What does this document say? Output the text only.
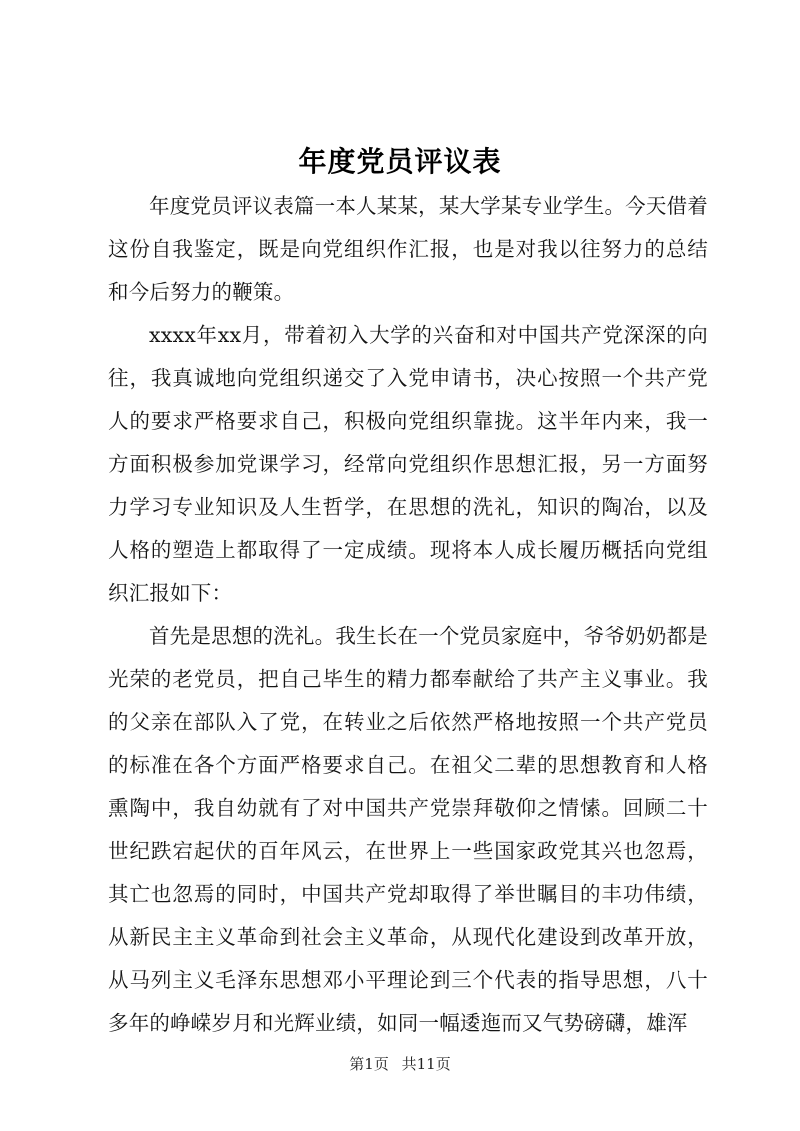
年度党员评议表

年度党员评议表篇一本人某某，某大学某专业学生。今天借着这份自我鉴定，既是向党组织作汇报，也是对我以往努力的总结和今后努力的鞭策。

xxxx年xx月，带着初入大学的兴奋和对中国共产党深深的向往，我真诚地向党组织递交了入党申请书，决心按照一个共产党人的要求严格要求自己，积极向党组织靠拢。这半年内来，我一方面积极参加党课学习，经常向党组织作思想汇报，另一方面努力学习专业知识及人生哲学，在思想的洗礼，知识的陶冶，以及人格的塑造上都取得了一定成绩。现将本人成长履历概括向党组织汇报如下：

首先是思想的洗礼。我生长在一个党员家庭中，爷爷奶奶都是光荣的老党员，把自己毕生的精力都奉献给了共产主义事业。我的父亲在部队入了党，在转业之后依然严格地按照一个共产党员的标准在各个方面严格要求自己。在祖父二辈的思想教育和人格熏陶中，我自幼就有了对中国共产党崇拜敬仰之情愫。回顾二十世纪跌宕起伏的百年风云，在世界上一些国家政党其兴也忽焉，其亡也忽焉的同时，中国共产党却取得了举世瞩目的丰功伟绩，从新民主主义革命到社会主义革命，从现代化建设到改革开放，从马列主义毛泽东思想邓小平理论到三个代表的指导思想，八十多年的峥嵘岁月和光辉业绩，如同一幅逶迤而又气势磅礴，雄浑

第1页 共11页
